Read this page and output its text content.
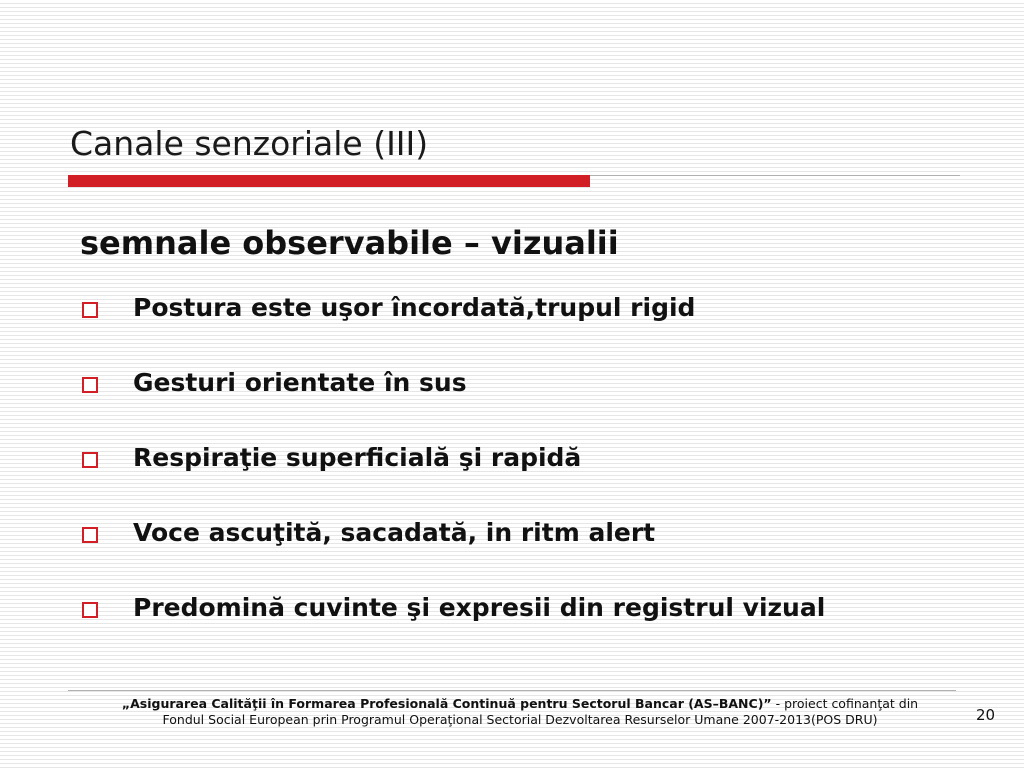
Canale senzoriale (III)
semnale observabile – vizualii
Postura este uşor încordată,trupul rigid
Gesturi orientate în sus
Respiraţie superficială şi rapidă
Voce ascuţită, sacadată, in ritm alert
Predomină cuvinte şi expresii din registrul vizual
„Asigurarea Calităţii în Formarea Profesională Continuă pentru Sectorul Bancar (AS–BANC)” - proiect cofinanţat din
Fondul Social European prin Programul Operaţional Sectorial Dezvoltarea Resurselor Umane 2007-2013(POS DRU)	20
